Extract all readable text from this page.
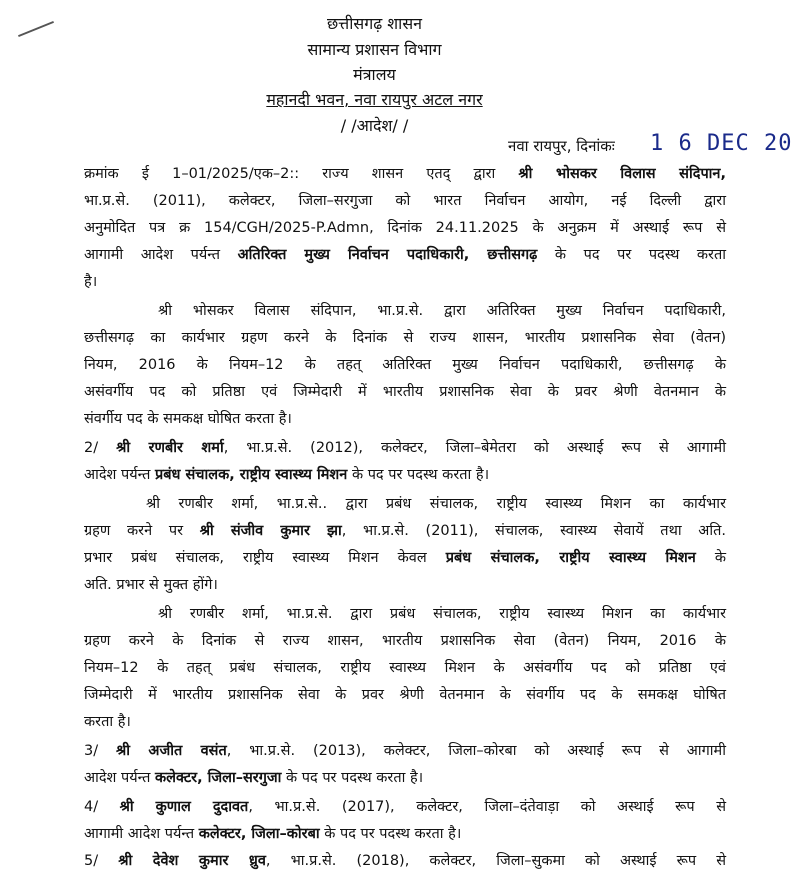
छत्तीसगढ़ शासन
सामान्य प्रशासन विभाग
मंत्रालय
महानदी भवन, नवा रायपुर अटल नगर
/ /आदेश/ /
नवा रायपुर, दिनांकः 1 6 DEC 20
क्रमांक ई 1–01/2025/एक–2:: राज्य शासन एतद् द्वारा श्री भोसकर विलास संदिपान,
भा.प्र.से. (2011), कलेक्टर, जिला–सरगुजा को भारत निर्वाचन आयोग, नई दिल्ली द्वारा
अनुमोदित पत्र क्र 154/CGH/2025-P.Admn, दिनांक 24.11.2025 के अनुक्रम में अस्थाई रूप से
आगामी आदेश पर्यन्त अतिरिक्त मुख्य निर्वाचन पदाधिकारी, छत्तीसगढ़ के पद पर पदस्थ करता
है।
श्री भोसकर विलास संदिपान, भा.प्र.से. द्वारा अतिरिक्त मुख्य निर्वाचन पदाधिकारी,
छत्तीसगढ़ का कार्यभार ग्रहण करने के दिनांक से राज्य शासन, भारतीय प्रशासनिक सेवा (वेतन)
नियम, 2016 के नियम–12 के तहत् अतिरिक्त मुख्य निर्वाचन पदाधिकारी, छत्तीसगढ़ के
असंवर्गीय पद को प्रतिष्ठा एवं जिम्मेदारी में भारतीय प्रशासनिक सेवा के प्रवर श्रेणी वेतनमान के
संवर्गीय पद के समकक्ष घोषित करता है।
2/ श्री रणबीर शर्मा, भा.प्र.से. (2012), कलेक्टर, जिला–बेमेतरा को अस्थाई रूप से आगामी
आदेश पर्यन्त प्रबंध संचालक, राष्ट्रीय स्वास्थ्य मिशन के पद पर पदस्थ करता है।
श्री रणबीर शर्मा, भा.प्र.से.. द्वारा प्रबंध संचालक, राष्ट्रीय स्वास्थ्य मिशन का कार्यभार
ग्रहण करने पर श्री संजीव कुमार झा, भा.प्र.से. (2011), संचालक, स्वास्थ्य सेवायें तथा अति.
प्रभार प्रबंध संचालक, राष्ट्रीय स्वास्थ्य मिशन केवल प्रबंध संचालक, राष्ट्रीय स्वास्थ्य मिशन के
अति. प्रभार से मुक्त होंगे।
श्री रणबीर शर्मा, भा.प्र.से. द्वारा प्रबंध संचालक, राष्ट्रीय स्वास्थ्य मिशन का कार्यभार
ग्रहण करने के दिनांक से राज्य शासन, भारतीय प्रशासनिक सेवा (वेतन) नियम, 2016 के
नियम–12 के तहत् प्रबंध संचालक, राष्ट्रीय स्वास्थ्य मिशन के असंवर्गीय पद को प्रतिष्ठा एवं
जिम्मेदारी में भारतीय प्रशासनिक सेवा के प्रवर श्रेणी वेतनमान के संवर्गीय पद के समकक्ष घोषित
करता है।
3/ श्री अजीत वसंत, भा.प्र.से. (2013), कलेक्टर, जिला–कोरबा को अस्थाई रूप से आगामी
आदेश पर्यन्त कलेक्टर, जिला–सरगुजा के पद पर पदस्थ करता है।
4/ श्री कुणाल दुदावत, भा.प्र.से. (2017), कलेक्टर, जिला–दंतेवाड़ा को अस्थाई रूप से
आगामी आदेश पर्यन्त कलेक्टर, जिला–कोरबा के पद पर पदस्थ करता है।
5/ श्री देवेश कुमार ध्रुव, भा.प्र.से. (2018), कलेक्टर, जिला–सुकमा को अस्थाई रूप से
